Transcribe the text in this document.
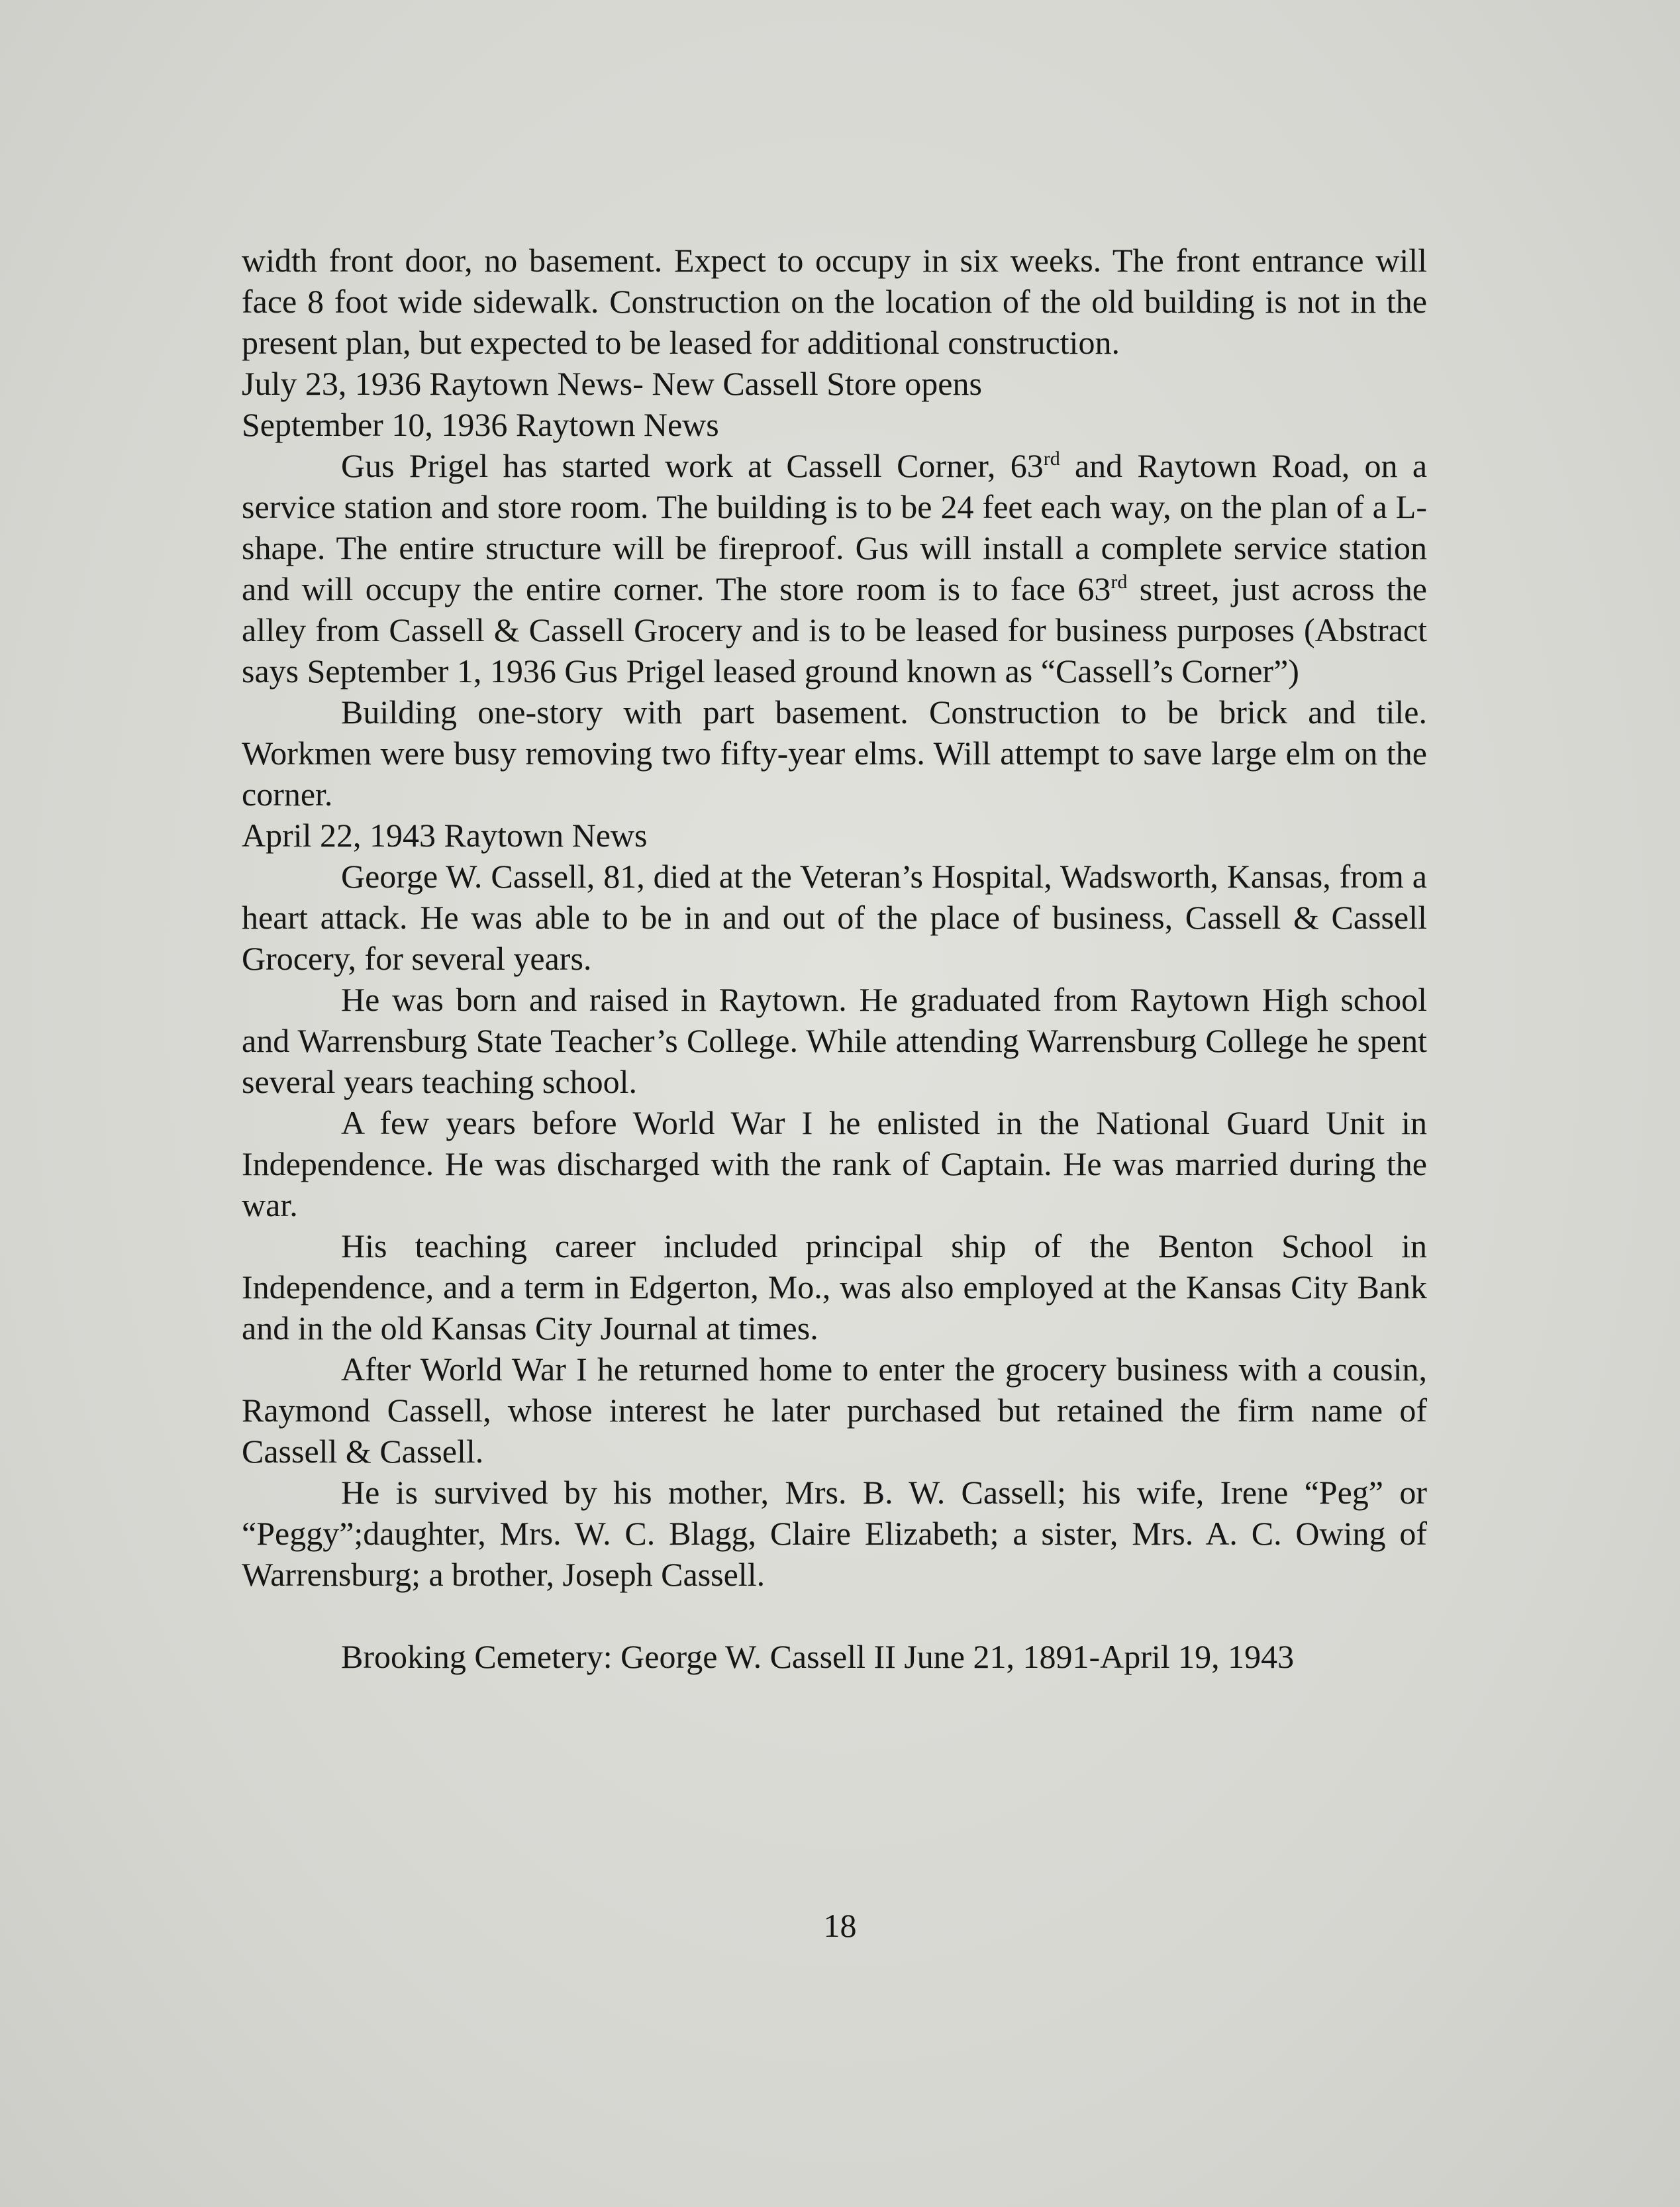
width front door, no basement. Expect to occupy in six weeks. The front entrance will face 8 foot wide sidewalk. Construction on the location of the old building is not in the present plan, but expected to be leased for additional construction.

July 23, 1936 Raytown News- New Cassell Store opens

September 10, 1936 Raytown News

Gus Prigel has started work at Cassell Corner, 63rd and Raytown Road, on a service station and store room. The building is to be 24 feet each way, on the plan of a L-shape. The entire structure will be fireproof. Gus will install a complete service station and will occupy the entire corner. The store room is to face 63rd street, just across the alley from Cassell & Cassell Grocery and is to be leased for business purposes (Abstract says September 1, 1936 Gus Prigel leased ground known as “Cassell’s Corner”)

Building one-story with part basement. Construction to be brick and tile. Workmen were busy removing two fifty-year elms. Will attempt to save large elm on the corner.

April 22, 1943 Raytown News

George W. Cassell, 81, died at the Veteran’s Hospital, Wadsworth, Kansas, from a heart attack. He was able to be in and out of the place of business, Cassell & Cassell Grocery, for several years.

He was born and raised in Raytown. He graduated from Raytown High school and Warrensburg State Teacher’s College. While attending Warrensburg College he spent several years teaching school.

A few years before World War I he enlisted in the National Guard Unit in Independence. He was discharged with the rank of Captain. He was married during the war.

His teaching career included principal ship of the Benton School in Independence, and a term in Edgerton, Mo., was also employed at the Kansas City Bank and in the old Kansas City Journal at times.

After World War I he returned home to enter the grocery business with a cousin, Raymond Cassell, whose interest he later purchased but retained the firm name of Cassell & Cassell.

He is survived by his mother, Mrs. B. W. Cassell; his wife, Irene “Peg” or “Peggy”;daughter, Mrs. W. C. Blagg, Claire Elizabeth; a sister, Mrs. A. C. Owing of Warrensburg; a brother, Joseph Cassell.

Brooking Cemetery: George W. Cassell II June 21, 1891-April 19, 1943

18
